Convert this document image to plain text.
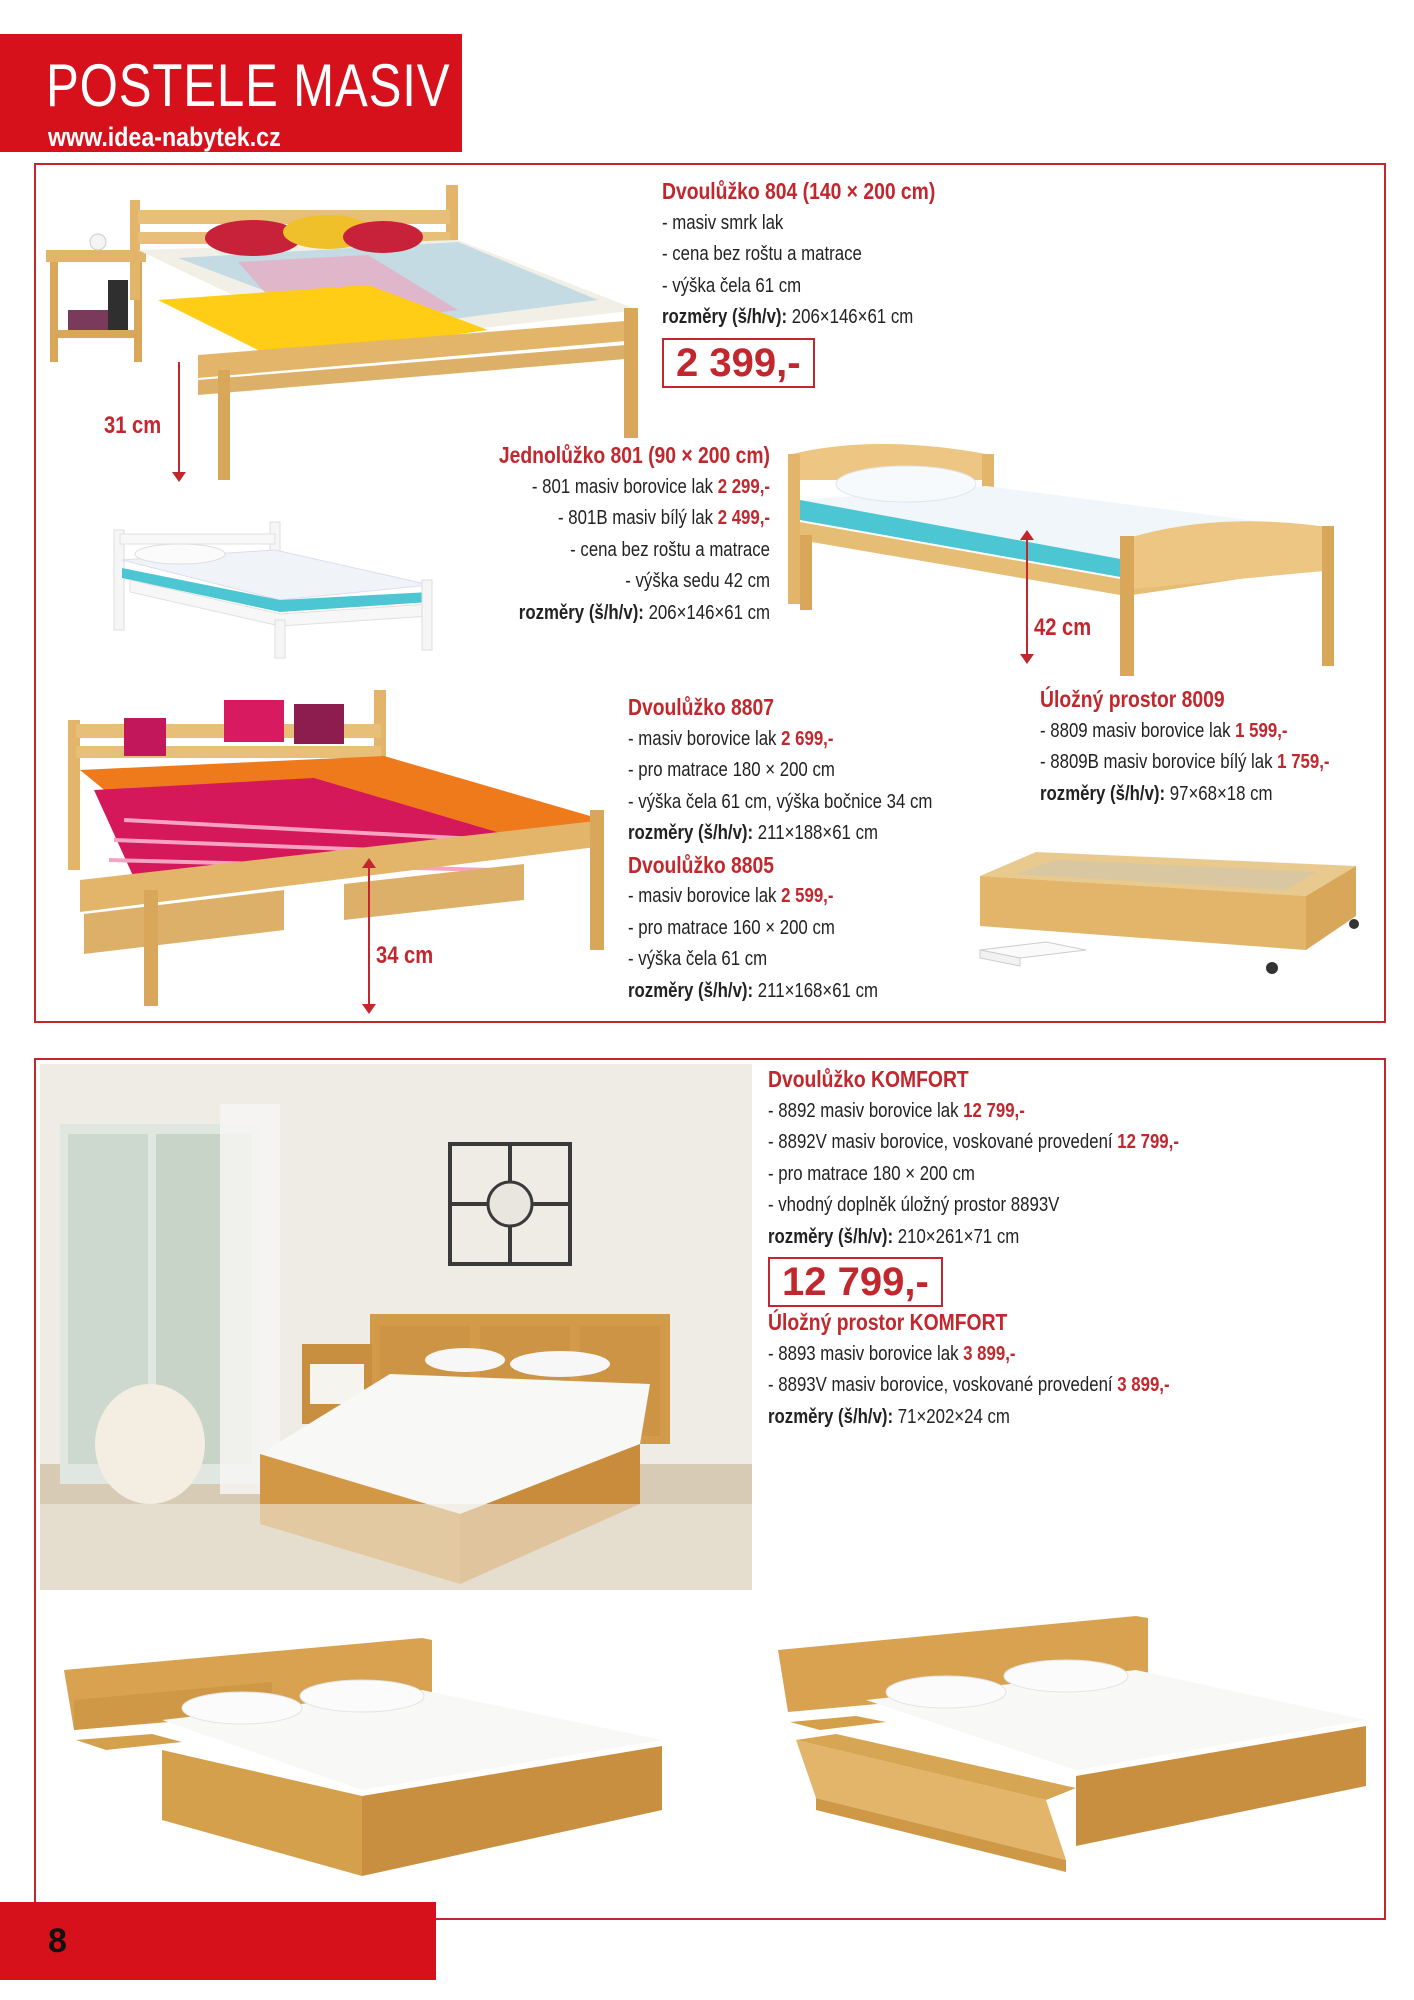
POSTELE MASIV
www.idea-nabytek.cz
31 cm
Dvoulůžko 804 (140 × 200 cm)
- masiv smrk lak
- cena bez roštu a matrace
- výška čela 61 cm
rozměry (š/h/v): 206×146×61 cm
2 399,-
Jednolůžko 801 (90 × 200 cm)
- 801 masiv borovice lak 2 299,-
- 801B masiv bílý lak 2 499,-
- cena bez roštu a matrace
- výška sedu 42 cm
rozměry (š/h/v): 206×146×61 cm
42 cm
34 cm
Dvoulůžko 8807
- masiv borovice lak 2 699,-
- pro matrace 180 × 200 cm
- výška čela 61 cm, výška bočnice 34 cm
rozměry (š/h/v): 211×188×61 cm
Dvoulůžko 8805
- masiv borovice lak 2 599,-
- pro matrace 160 × 200 cm
- výška čela 61 cm
rozměry (š/h/v): 211×168×61 cm
Úložný prostor 8009
- 8809 masiv borovice lak 1 599,-
- 8809B masiv borovice bílý lak 1 759,-
rozměry (š/h/v): 97×68×18 cm
Dvoulůžko KOMFORT
- 8892 masiv borovice lak 12 799,-
- 8892V masiv borovice, voskované provedení 12 799,-
- pro matrace 180 × 200 cm
- vhodný doplněk úložný prostor 8893V
rozměry (š/h/v): 210×261×71 cm
12 799,-
Úložný prostor KOMFORT
- 8893 masiv borovice lak 3 899,-
- 8893V masiv borovice, voskované provedení 3 899,-
rozměry (š/h/v): 71×202×24 cm
8
